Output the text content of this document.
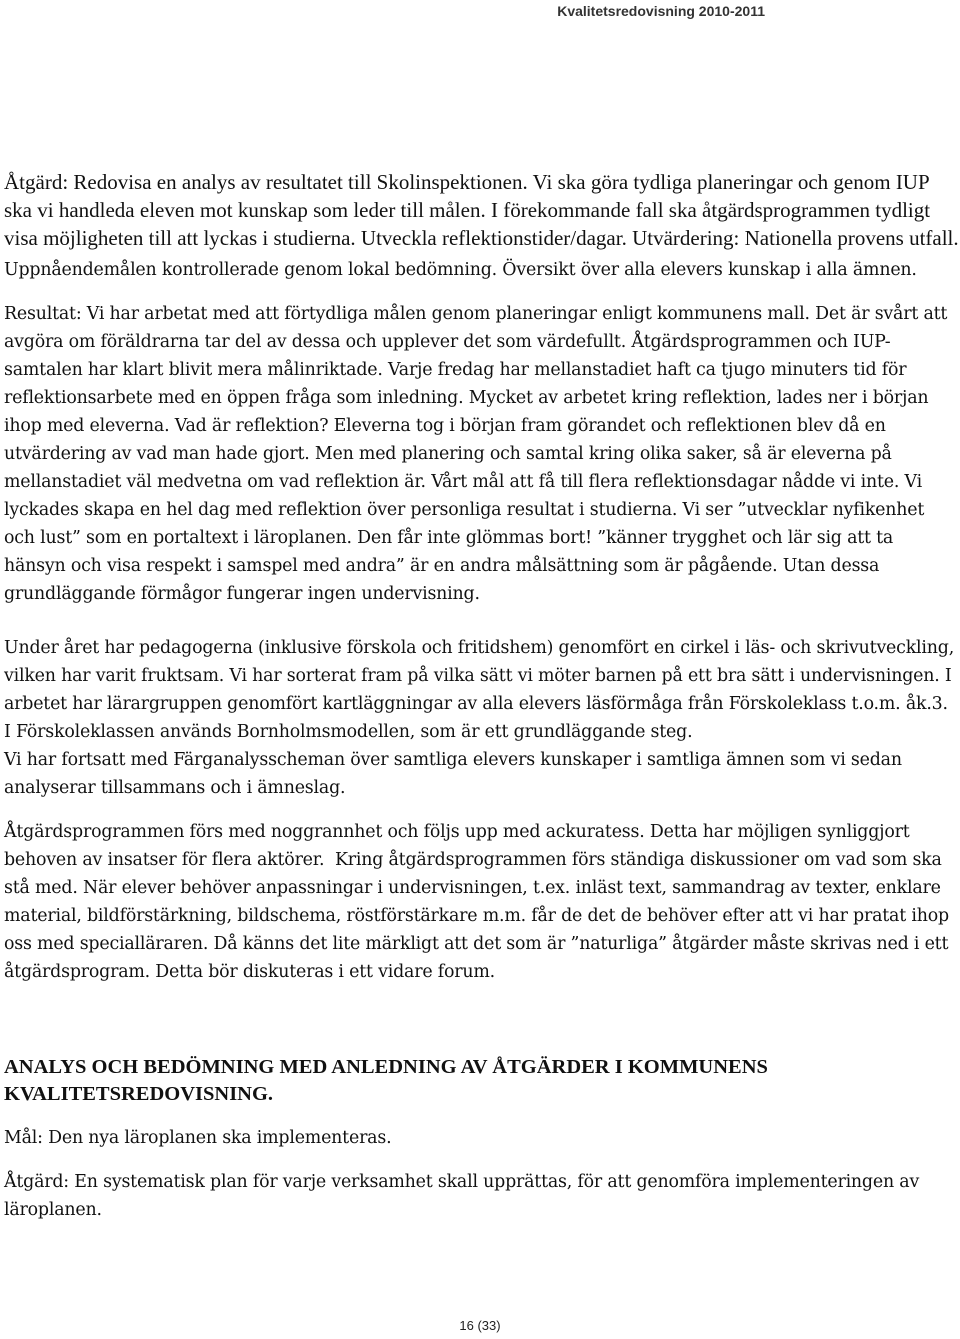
Kvalitetsredovisning 2010-2011

Åtgärd: Redovisa en analys av resultatet till Skolinspektionen. Vi ska göra tydliga planeringar och genom IUP ska vi handleda eleven mot kunskap som leder till målen. I förekommande fall ska åtgärdsprogrammen tydligt visa möjligheten till att lyckas i studierna. Utveckla reflektionstider/dagar. Utvärdering: Nationella provens utfall. Uppnåendemålen kontrollerade genom lokal bedömning. Översikt över alla elevers kunskap i alla ämnen.

Resultat: Vi har arbetat med att förtydliga målen genom planeringar enligt kommunens mall. Det är svårt att avgöra om föräldrarna tar del av dessa och upplever det som värdefullt. Åtgärdsprogrammen och IUP-samtalen har klart blivit mera målinriktade. Varje fredag har mellanstadiet haft ca tjugo minuters tid för reflektionsarbete med en öppen fråga som inledning. Mycket av arbetet kring reflektion, lades ner i början ihop med eleverna. Vad är reflektion? Eleverna tog i början fram görandet och reflektionen blev då en utvärdering av vad man hade gjort. Men med planering och samtal kring olika saker, så är eleverna på mellanstadiet väl medvetna om vad reflektion är. Vårt mål att få till flera reflektionsdagar nådde vi inte. Vi lyckades skapa en hel dag med reflektion över personliga resultat i studierna. Vi ser ”utvecklar nyfikenhet och lust” som en portaltext i läroplanen. Den får inte glömmas bort! ”känner trygghet och lär sig att ta hänsyn och visa respekt i samspel med andra” är en andra målsättning som är pågående. Utan dessa grundläggande förmågor fungerar ingen undervisning.

Under året har pedagogerna (inklusive förskola och fritidshem) genomfört en cirkel i läs- och skrivutveckling, vilken har varit fruktsam. Vi har sorterat fram på vilka sätt vi möter barnen på ett bra sätt i undervisningen. I arbetet har lärargruppen genomfört kartläggningar av alla elevers läsförmåga från Förskoleklass t.o.m. åk.3.

I Förskoleklassen används Bornholmsmodellen, som är ett grundläggande steg.

Vi har fortsatt med Färganalysscheman över samtliga elevers kunskaper i samtliga ämnen som vi sedan analyserar tillsammans och i ämneslag.

Åtgärdsprogrammen förs med noggrannhet och följs upp med ackuratess. Detta har möjligen synliggjort behoven av insatser för flera aktörer.  Kring åtgärdsprogrammen förs ständiga diskussioner om vad som ska stå med. När elever behöver anpassningar i undervisningen, t.ex. inläst text, sammandrag av texter, enklare material, bildförstärkning, bildschema, röstförstärkare m.m. får de det de behöver efter att vi har pratat ihop oss med specialläraren. Då känns det lite märkligt att det som är ”naturliga” åtgärder måste skrivas ned i ett åtgärdsprogram. Detta bör diskuteras i ett vidare forum.

ANALYS OCH BEDÖMNING MED ANLEDNING AV ÅTGÄRDER I KOMMUNENS KVALITETSREDOVISNING.

Mål: Den nya läroplanen ska implementeras.

Åtgärd: En systematisk plan för varje verksamhet skall upprättas, för att genomföra implementeringen av läroplanen.

16 (33)
